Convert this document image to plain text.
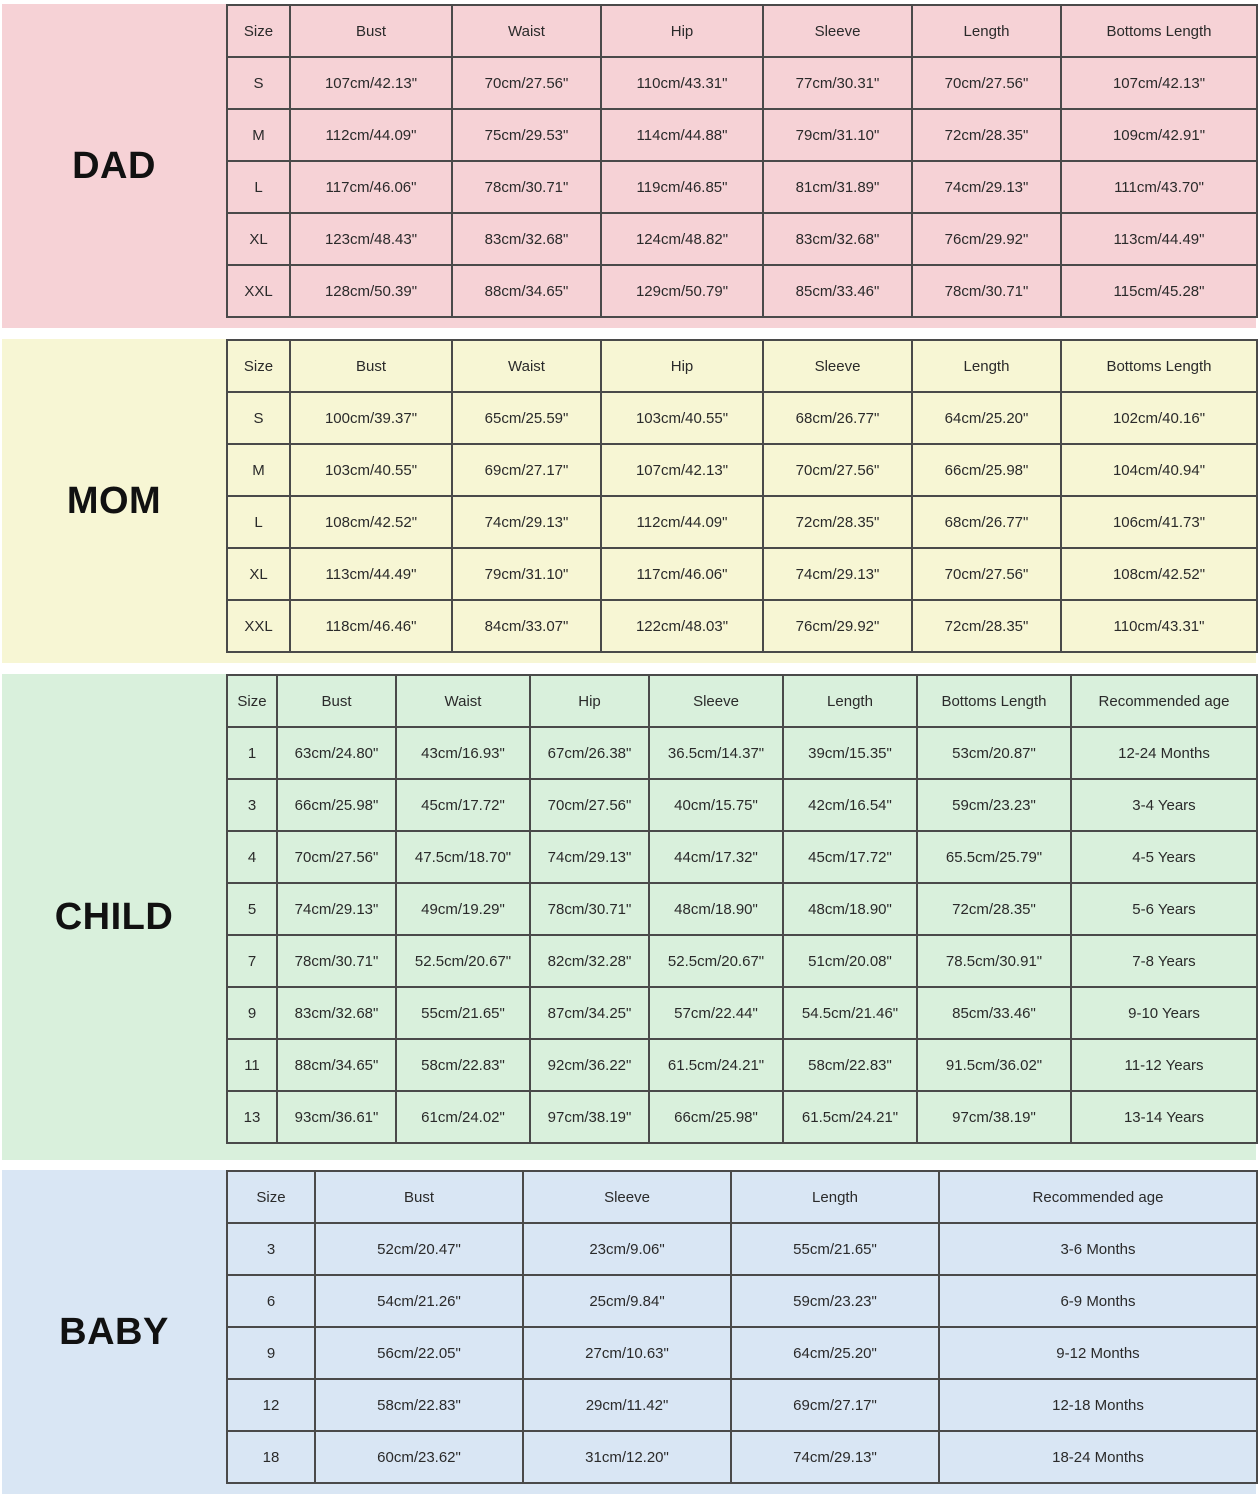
DAD
Size	Bust	Waist	Hip	Sleeve	Length	Bottoms Length
S	107cm/42.13"	70cm/27.56"	110cm/43.31"	77cm/30.31"	70cm/27.56"	107cm/42.13"
M	112cm/44.09"	75cm/29.53"	114cm/44.88"	79cm/31.10"	72cm/28.35"	109cm/42.91"
L	117cm/46.06"	78cm/30.71"	119cm/46.85"	81cm/31.89"	74cm/29.13"	111cm/43.70"
XL	123cm/48.43"	83cm/32.68"	124cm/48.82"	83cm/32.68"	76cm/29.92"	113cm/44.49"
XXL	128cm/50.39"	88cm/34.65"	129cm/50.79"	85cm/33.46"	78cm/30.71"	115cm/45.28"
MOM
Size	Bust	Waist	Hip	Sleeve	Length	Bottoms Length
S	100cm/39.37"	65cm/25.59"	103cm/40.55"	68cm/26.77"	64cm/25.20"	102cm/40.16"
M	103cm/40.55"	69cm/27.17"	107cm/42.13"	70cm/27.56"	66cm/25.98"	104cm/40.94"
L	108cm/42.52"	74cm/29.13"	112cm/44.09"	72cm/28.35"	68cm/26.77"	106cm/41.73"
XL	113cm/44.49"	79cm/31.10"	117cm/46.06"	74cm/29.13"	70cm/27.56"	108cm/42.52"
XXL	118cm/46.46"	84cm/33.07"	122cm/48.03"	76cm/29.92"	72cm/28.35"	110cm/43.31"
CHILD
Size	Bust	Waist	Hip	Sleeve	Length	Bottoms Length	Recommended age
1	63cm/24.80"	43cm/16.93"	67cm/26.38"	36.5cm/14.37"	39cm/15.35"	53cm/20.87"	12-24 Months
3	66cm/25.98"	45cm/17.72"	70cm/27.56"	40cm/15.75"	42cm/16.54"	59cm/23.23"	3-4 Years
4	70cm/27.56"	47.5cm/18.70"	74cm/29.13"	44cm/17.32"	45cm/17.72"	65.5cm/25.79"	4-5 Years
5	74cm/29.13"	49cm/19.29"	78cm/30.71"	48cm/18.90"	48cm/18.90"	72cm/28.35"	5-6 Years
7	78cm/30.71"	52.5cm/20.67"	82cm/32.28"	52.5cm/20.67"	51cm/20.08"	78.5cm/30.91"	7-8 Years
9	83cm/32.68"	55cm/21.65"	87cm/34.25"	57cm/22.44"	54.5cm/21.46"	85cm/33.46"	9-10 Years
11	88cm/34.65"	58cm/22.83"	92cm/36.22"	61.5cm/24.21"	58cm/22.83"	91.5cm/36.02"	11-12 Years
13	93cm/36.61"	61cm/24.02"	97cm/38.19"	66cm/25.98"	61.5cm/24.21"	97cm/38.19"	13-14 Years
BABY
Size	Bust	Sleeve	Length	Recommended age
3	52cm/20.47"	23cm/9.06"	55cm/21.65"	3-6 Months
6	54cm/21.26"	25cm/9.84"	59cm/23.23"	6-9 Months
9	56cm/22.05"	27cm/10.63"	64cm/25.20"	9-12 Months
12	58cm/22.83"	29cm/11.42"	69cm/27.17"	12-18 Months
18	60cm/23.62"	31cm/12.20"	74cm/29.13"	18-24 Months
